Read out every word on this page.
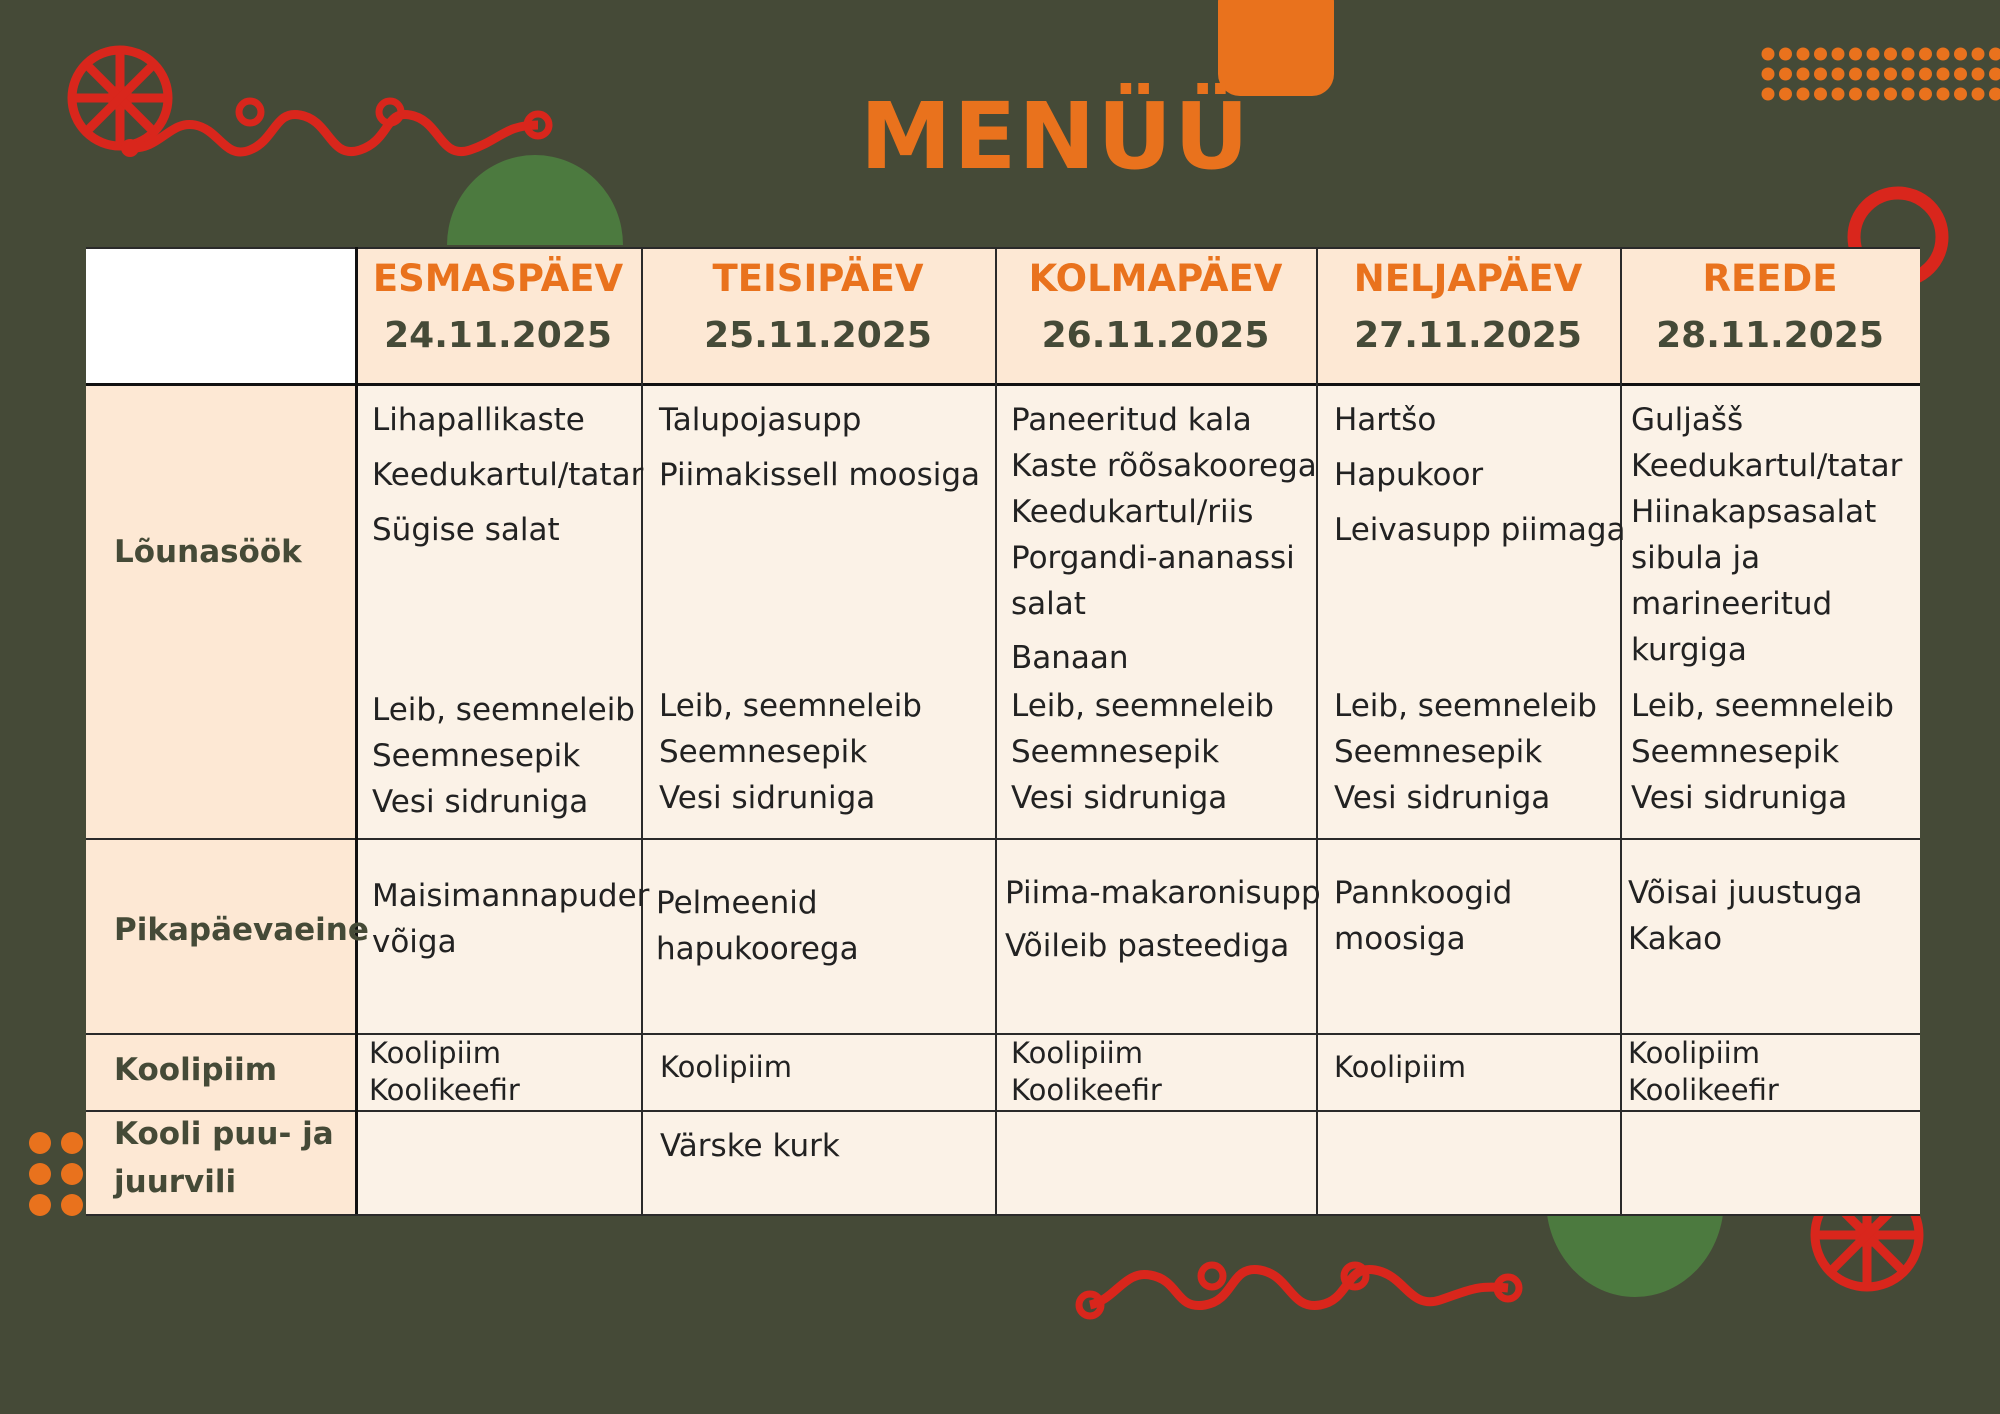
MENÜÜ
ESMASPÄEV
24.11.2025
TEISIPÄEV
25.11.2025
KOLMAPÄEV
26.11.2025
NELJAPÄEV
27.11.2025
REEDE
28.11.2025
Lõunasöök
Pikapäevaeine
Koolipiim
Kooli puu- ja juurvili
Lihapallikaste
Keedukartul/tatar
Sügise salat
Leib, seemneleib
Seemnesepik
Vesi sidruniga
Talupojasupp
Piimakissell moosiga
Leib, seemneleib
Seemnesepik
Vesi sidruniga
Paneeritud kala
Kaste rõõsakoorega
Keedukartul/riis
Porgandi-ananassi
salat
Banaan
Leib, seemneleib
Seemnesepik
Vesi sidruniga
Hartšo
Hapukoor
Leivasupp piimaga
Leib, seemneleib
Seemnesepik
Vesi sidruniga
Guljašš
Keedukartul/tatar
Hiinakapsasalat
sibula ja
marineeritud
kurgiga
Leib, seemneleib
Seemnesepik
Vesi sidruniga
Maisimannapuder
võiga
Pelmeenid
hapukoorega
Piima-makaronisupp
Võileib pasteediga
Pannkoogid
moosiga
Võisai juustuga
Kakao
Koolipiim
Koolikeefir
Koolipiim	Koolipiim
Koolikeefir
Koolipiim	Koolipiim
Koolikeefir
Värske kurk
